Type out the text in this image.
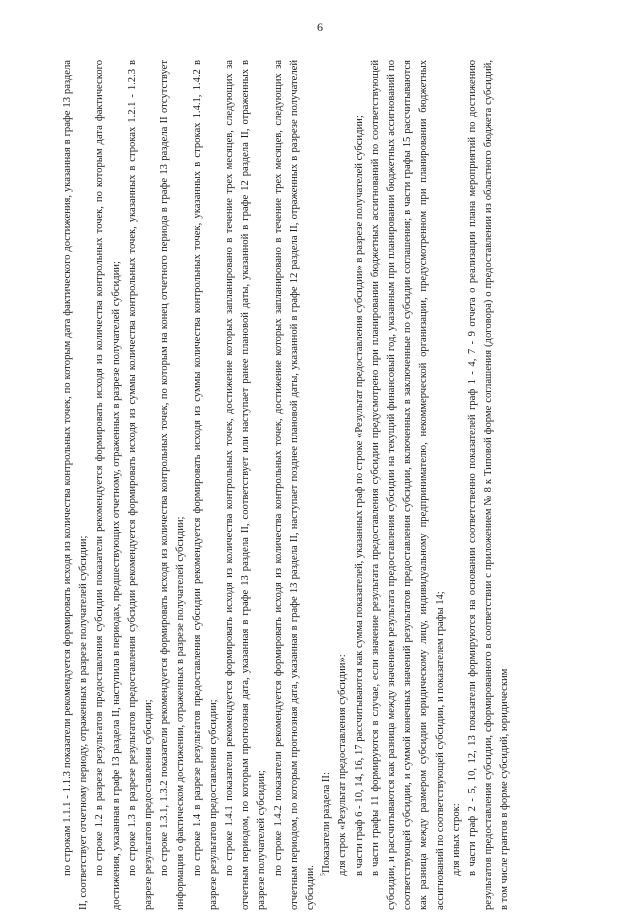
6

по строкам 1.1.1 - 1.1.3 показатели рекомендуется формировать исходя из количества контрольных точек, по которым дата фактического достижения, указанная в графе 13 раздела II, соответствует отчетному периоду, отраженных в разрезе получателей субсидии; по строке 1.2 в разрезе результатов предоставления субсидии показатели рекомендуется формировать исходя из количества контрольных точек, по которым дата фактического достижения, указанная в графе 13 раздела II, наступила в периодах, предшествующих отчетному, отраженных в разрезе получателей субсидии; по строке 1.3 в разрезе результатов предоставления субсидии рекомендуется формировать исходя из суммы количества контрольных точек, указанных в строках 1.2.1 - 1.2.3 в разрезе результатов предоставления субсидии; по строке 1.3.1, 1.3.2 показатели рекомендуется формировать исходя из количества контрольных точек, по которым на конец отчетного периода в графе 13 раздела II отсутствует информация о фактическом достижении, отраженных в разрезе получателей субсидии; по строке 1.4 в разрезе результатов предоставления субсидии рекомендуется формировать исходя из суммы количества контрольных точек, указанных в строках 1.4.1, 1.4.2 в разрезе результатов предоставления субсидии; по строке 1.4.1 показатели рекомендуется формировать исходя из количества контрольных точек, достижение которых запланировано в течение трех месяцев, следующих за отчетным периодом, по которым прогнозная дата, указанная в графе 13 раздела II, соответствует или наступает ранее плановой даты, указанной в графе 12 раздела II, отраженных в разрезе получателей субсидии; по строке 1.4.2 показатели рекомендуется формировать исходя из количества контрольных точек, достижение которых запланировано в течение трех месяцев, следующих за отчетным периодом, по которым прогнозная дата, указанная в графе 13 раздела II, наступает позднее плановой даты, указанной в графе 12 раздела II, отраженных в разрезе получателей субсидии. $^5$Показатели раздела II: для строк «Результат предоставления субсидии»: в части граф 6 - 10, 14, 16, 17 рассчитываются как сумма показателей, указанных граф по строке «Результат предоставления субсидии» в разрезе получателей субсидии; в части графы 11 формируются в случае, если значение результата предоставления субсидии предусмотрено при планировании бюджетных ассигнований по соответствующей субсидии, и рассчитываются как разница между значением результата предоставления субсидии на текущий финансовый год, указанным при планировании бюджетных ассигнований по соответствующей субсидии, и суммой конечных значений результатов предоставления субсидии, включенных в заключенные по субсидии соглашения; в части графы 15 рассчитываются как разница между размером субсидии юридическому лицу, индивидуальному предпринимателю, некоммерческой организации, предусмотренном при планировании бюджетных ассигнований по соответствующей субсидии, и показателем графы 14; для иных строк: в части граф 2 - 5, 10, 12, 13 показатели формируются на основании соответственно показателей граф 1 - 4, 7 - 9 отчета о реализации плана мероприятий по достижению результатов предоставления субсидии, сформированного в соответствии с приложением № 8 к Типовой форме соглашения (договора) о предоставлении из областного бюджета субсидий, в том числе грантов в форме субсидий, юридическим
